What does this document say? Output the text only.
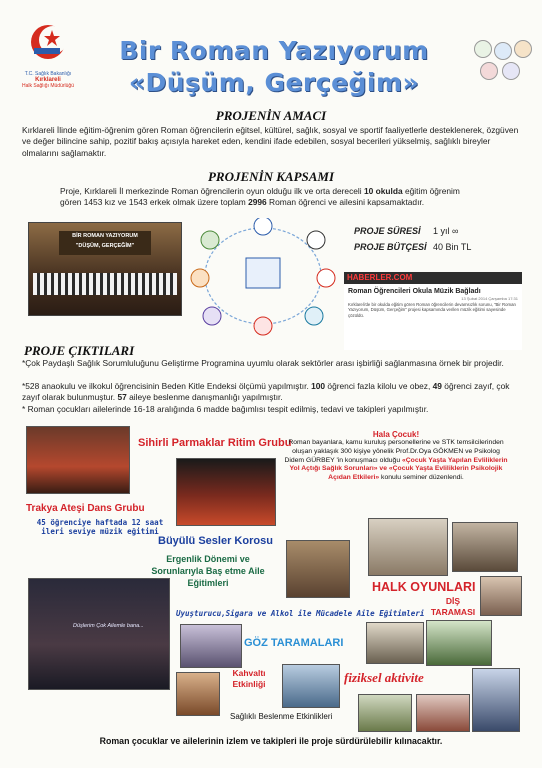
T.C. Sağlık Bakanlığı
Kırklareli
Halk Sağlığı Müdürlüğü
Bir Roman Yazıyorum
«Düşüm, Gerçeğim»
PROJENİN AMACI
Kırklareli İlinde eğitim-öğrenim gören Roman öğrencilerin eğitsel, kültürel, sağlık, sosyal ve sportif faaliyetlerle desteklenerek, özgüven ve değer bilincine sahip, pozitif bakış açısıyla hareket eden, kendini ifade edebilen, sosyal becerileri yükselmiş, sağlıklı bireyler olmalarını sağlamaktır.
PROJENİN KAPSAMI
Proje, Kırklareli İl merkezinde Roman öğrencilerin oyun olduğu ilk ve orta dereceli 10 okulda eğitim öğrenim gören 1453 kız ve 1543 erkek olmak üzere toplam 2996 Roman öğrenci ve ailesini kapsamaktadır.
BİR ROMAN YAZIYORUM
"DÜŞÜM, GERÇEĞİM"
PROJE SÜRESİ 1 yıl ∞
PROJE BÜTÇESİ 40 Bin TL
HABERLER.COM
Roman Öğrencileri Okula Müzik Bağladı
13 Şubat 2014 Çarşamba 17:31
Kırklareli'de bir okulda eğitim gören Roman öğrencilerin devamsızlık sorunu, "Bir Roman Yazıyorum, Düşüm, Gerçeğim" projesi kapsamında verilen müzik eğitimi sayesinde çözüldü.
PROJE ÇIKTILARI
*Çok Paydaşlı Sağlık Sorumluluğunu Geliştirme Programina uyumlu olarak sektörler arası işbirliği sağlanmasına örnek bir projedir.
*528 anaokulu ve ilkokul öğrencisinin Beden Kitle Endeksi ölçümü yapılmıştır. 100 öğrenci fazla kilolu ve obez, 49 öğrenci zayıf, çok zayıf olarak bulunmuştur. 57 aileye beslenme danışmanlığı yapılmıştır.
* Roman çocukları ailelerinde 16-18 aralığında 6 madde bağımlısı tespit edilmiş, tedavi ve takipleri yapılmıştır.
Sihirli Parmaklar Ritim Grubu
Trakya Ateşi Dans Grubu
45 öğrenciye haftada 12 saat ileri seviye müzik eğitimi
Büyülü Sesler Korosu
Ergenlik Dönemi ve Sorunlarıyla Baş etme Aile Eğitimleri
Hala Çocuk!
Roman bayanlara, kamu kuruluş personellerine ve STK temsilcilerinden oluşan yaklaşık 300 kişiye yönelik Prof.Dr.Oya GÖKMEN ve Psikolog Didem GÜRBEY 'in konuşmacı olduğu «Çocuk Yaşta Yapılan Evliliklerin Yol Açtığı Sağlık Sorunları» ve «Çocuk Yaşta Evliliklerin Psikolojik Açıdan Etkileri» konulu seminer düzenlendi.
HALK OYUNLARI
DİŞ TARAMASI
Düşlerim Çok Ailemle bana...
Uyuşturucu,Sigara ve Alkol ile Mücadele Aile Eğitimleri
GÖZ TARAMALARI
Kahvaltı Etkinliği	fiziksel aktivite
Sağlıklı Beslenme Etkinlikleri
Roman çocuklar ve ailelerinin izlem ve takipleri ile proje sürdürülebilir kılınacaktır.
